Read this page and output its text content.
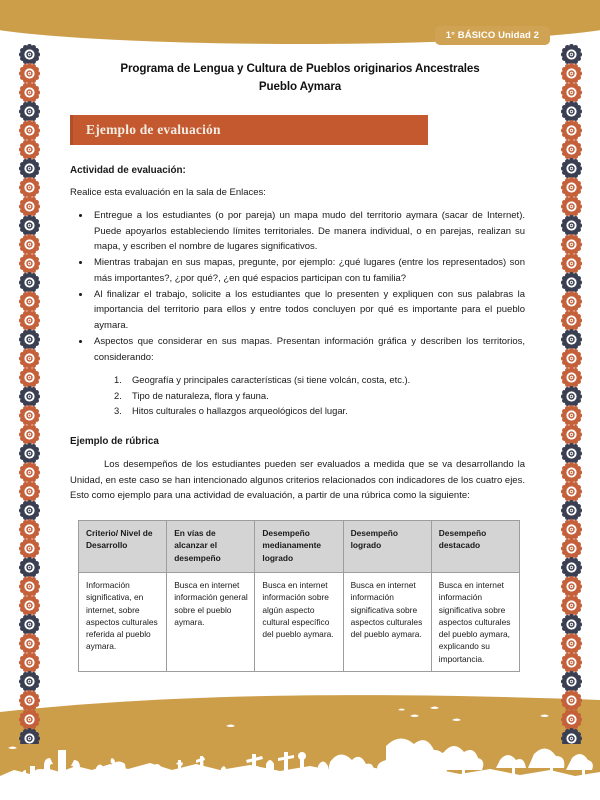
1° BÁSICO Unidad 2
Programa de Lengua y Cultura de Pueblos originarios Ancestrales
Pueblo Aymara
Ejemplo de evaluación
Actividad de evaluación:
Realice esta evaluación en la sala de Enlaces:
Entregue a los estudiantes (o por pareja) un mapa mudo del territorio aymara (sacar de Internet). Puede apoyarlos estableciendo límites territoriales. De manera individual, o en parejas, realizan su mapa, y escriben el nombre de lugares significativos.
Mientras trabajan en sus mapas, pregunte, por ejemplo: ¿qué lugares (entre los representados) son más importantes?, ¿por qué?, ¿en qué espacios participan con tu familia?
Al finalizar el trabajo, solicite a los estudiantes que lo presenten y expliquen con sus palabras la importancia del territorio para ellos y entre todos concluyen por qué es importante para el pueblo aymara.
Aspectos que considerar en sus mapas. Presentan información gráfica y describen los territorios, considerando:
Geografía y principales características (si tiene volcán, costa, etc.).
Tipo de naturaleza, flora y fauna.
Hitos culturales o hallazgos arqueológicos del lugar.
Ejemplo de rúbrica
Los desempeños de los estudiantes pueden ser evaluados a medida que se va desarrollando la Unidad, en este caso se han intencionado algunos criterios relacionados con indicadores de los cuatro ejes. Esto como ejemplo para una actividad de evaluación, a partir de una rúbrica como la siguiente:
Criterio/ Nivel de Desarrollo	En vías de alcanzar el desempeño	Desempeño medianamente logrado	Desempeño logrado	Desempeño destacado
Información significativa, en internet, sobre aspectos culturales referida al pueblo aymara.	Busca en internet información general sobre el pueblo aymara.	Busca en internet información sobre algún aspecto cultural específico del pueblo aymara.	Busca en internet información significativa sobre aspectos culturales del pueblo aymara.	Busca en internet información significativa sobre aspectos culturales del pueblo aymara, explicando su importancia.
